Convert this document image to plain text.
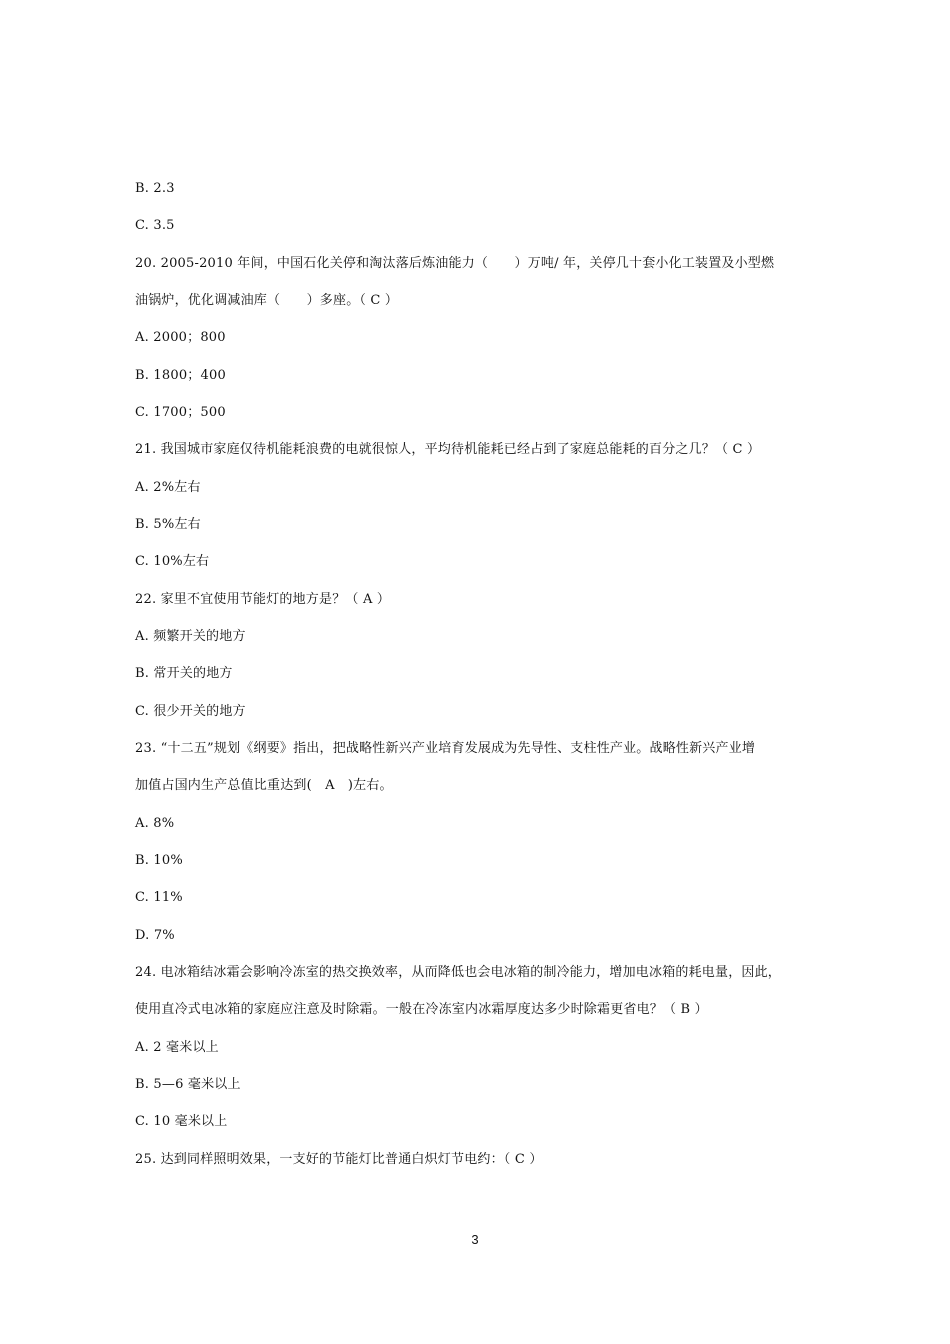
B. 2.3
C. 3.5
20. 2005-2010 年间，中国石化关停和淘汰落后炼油能力（　　）万吨/ 年，关停几十套小化工装置及小型燃
油锅炉，优化调减油库（　　）多座。（ C ）
A. 2000；800
B. 1800；400
C. 1700；500
21. 我国城市家庭仅待机能耗浪费的电就很惊人，平均待机能耗已经占到了家庭总能耗的百分之几？（ C ）
A. 2%左右
B. 5%左右
C. 10%左右
22. 家里不宜使用节能灯的地方是？（ A ）
A. 频繁开关的地方
B. 常开关的地方
C. 很少开关的地方
23. “十二五”规划《纲要》指出，把战略性新兴产业培育发展成为先导性、支柱性产业。战略性新兴产业增
加值占国内生产总值比重达到(　A　)左右。
A. 8%
B. 10%
C. 11%
D. 7%
24. 电冰箱结冰霜会影响冷冻室的热交换效率，从而降低也会电冰箱的制冷能力，增加电冰箱的耗电量，因此，
使用直冷式电冰箱的家庭应注意及时除霜。一般在冷冻室内冰霜厚度达多少时除霜更省电？（ B ）
A. 2 毫米以上
B. 5—6 毫米以上
C. 10 毫米以上
25. 达到同样照明效果，一支好的节能灯比普通白炽灯节电约：（ C ）
3
